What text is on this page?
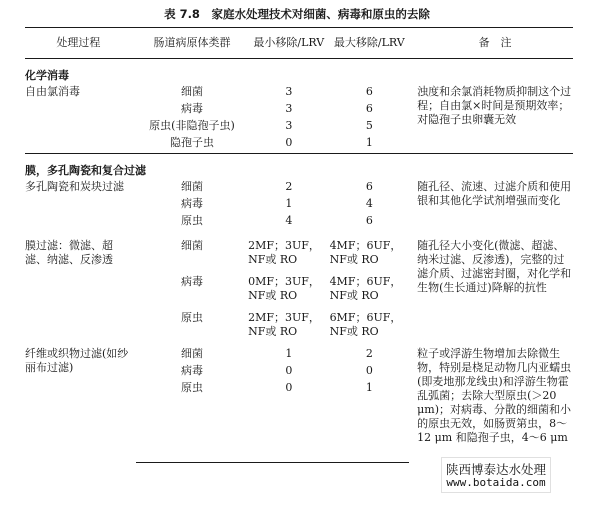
表 7.8　家庭水处理技术对细菌、病毒和原虫的去除
处理过程	肠道病原体类群	最小移除/LRV	最大移除/LRV	备　注
化学消毒				
自由氯消毒	细菌	3	6	浊度和余氯消耗物质抑制这个过程；自由氯×时间是预期效率；对隐孢子虫卵囊无效
	病毒	3	6	
	原虫(非隐孢子虫)	3	5	
	隐孢子虫	0	1	
膜，多孔陶瓷和复合过滤				
多孔陶瓷和炭块过滤	细菌	2	6	随孔径、流速、过滤介质和使用银和其他化学试剂增强而变化
	病毒	1	4	
	原虫	4	6	

膜过滤：微滤、超滤、纳滤、反渗透	细菌	2MF；3UF，NF或 RO	4MF；6UF，NF或 RO	随孔径大小变化(微滤、超滤、纳米过滤、反渗透)，完整的过滤介质、过滤密封圈，对化学和生物(生长通过)降解的抗性

	病毒	0MF；3UF，NF或 RO	4MF；6UF，NF或 RO	

	原虫	2MF；3UF，NF或 RO	6MF；6UF，NF或 RO	

纤维或织物过滤(如纱丽布过滤)	细菌	1	2	粒子或浮游生物增加去除微生物，特别是桡足动物几内亚蠕虫(即麦地那龙线虫)和浮游生物霍乱弧菌；去除大型原虫(＞20 μm)；对病毒、分散的细菌和小的原虫无效，如肠贾第虫，8～12 μm 和隐孢子虫，4～6 μm
	病毒	0	0	
	原虫	0	1	

陕西博泰达水处理
www.botaida.com
